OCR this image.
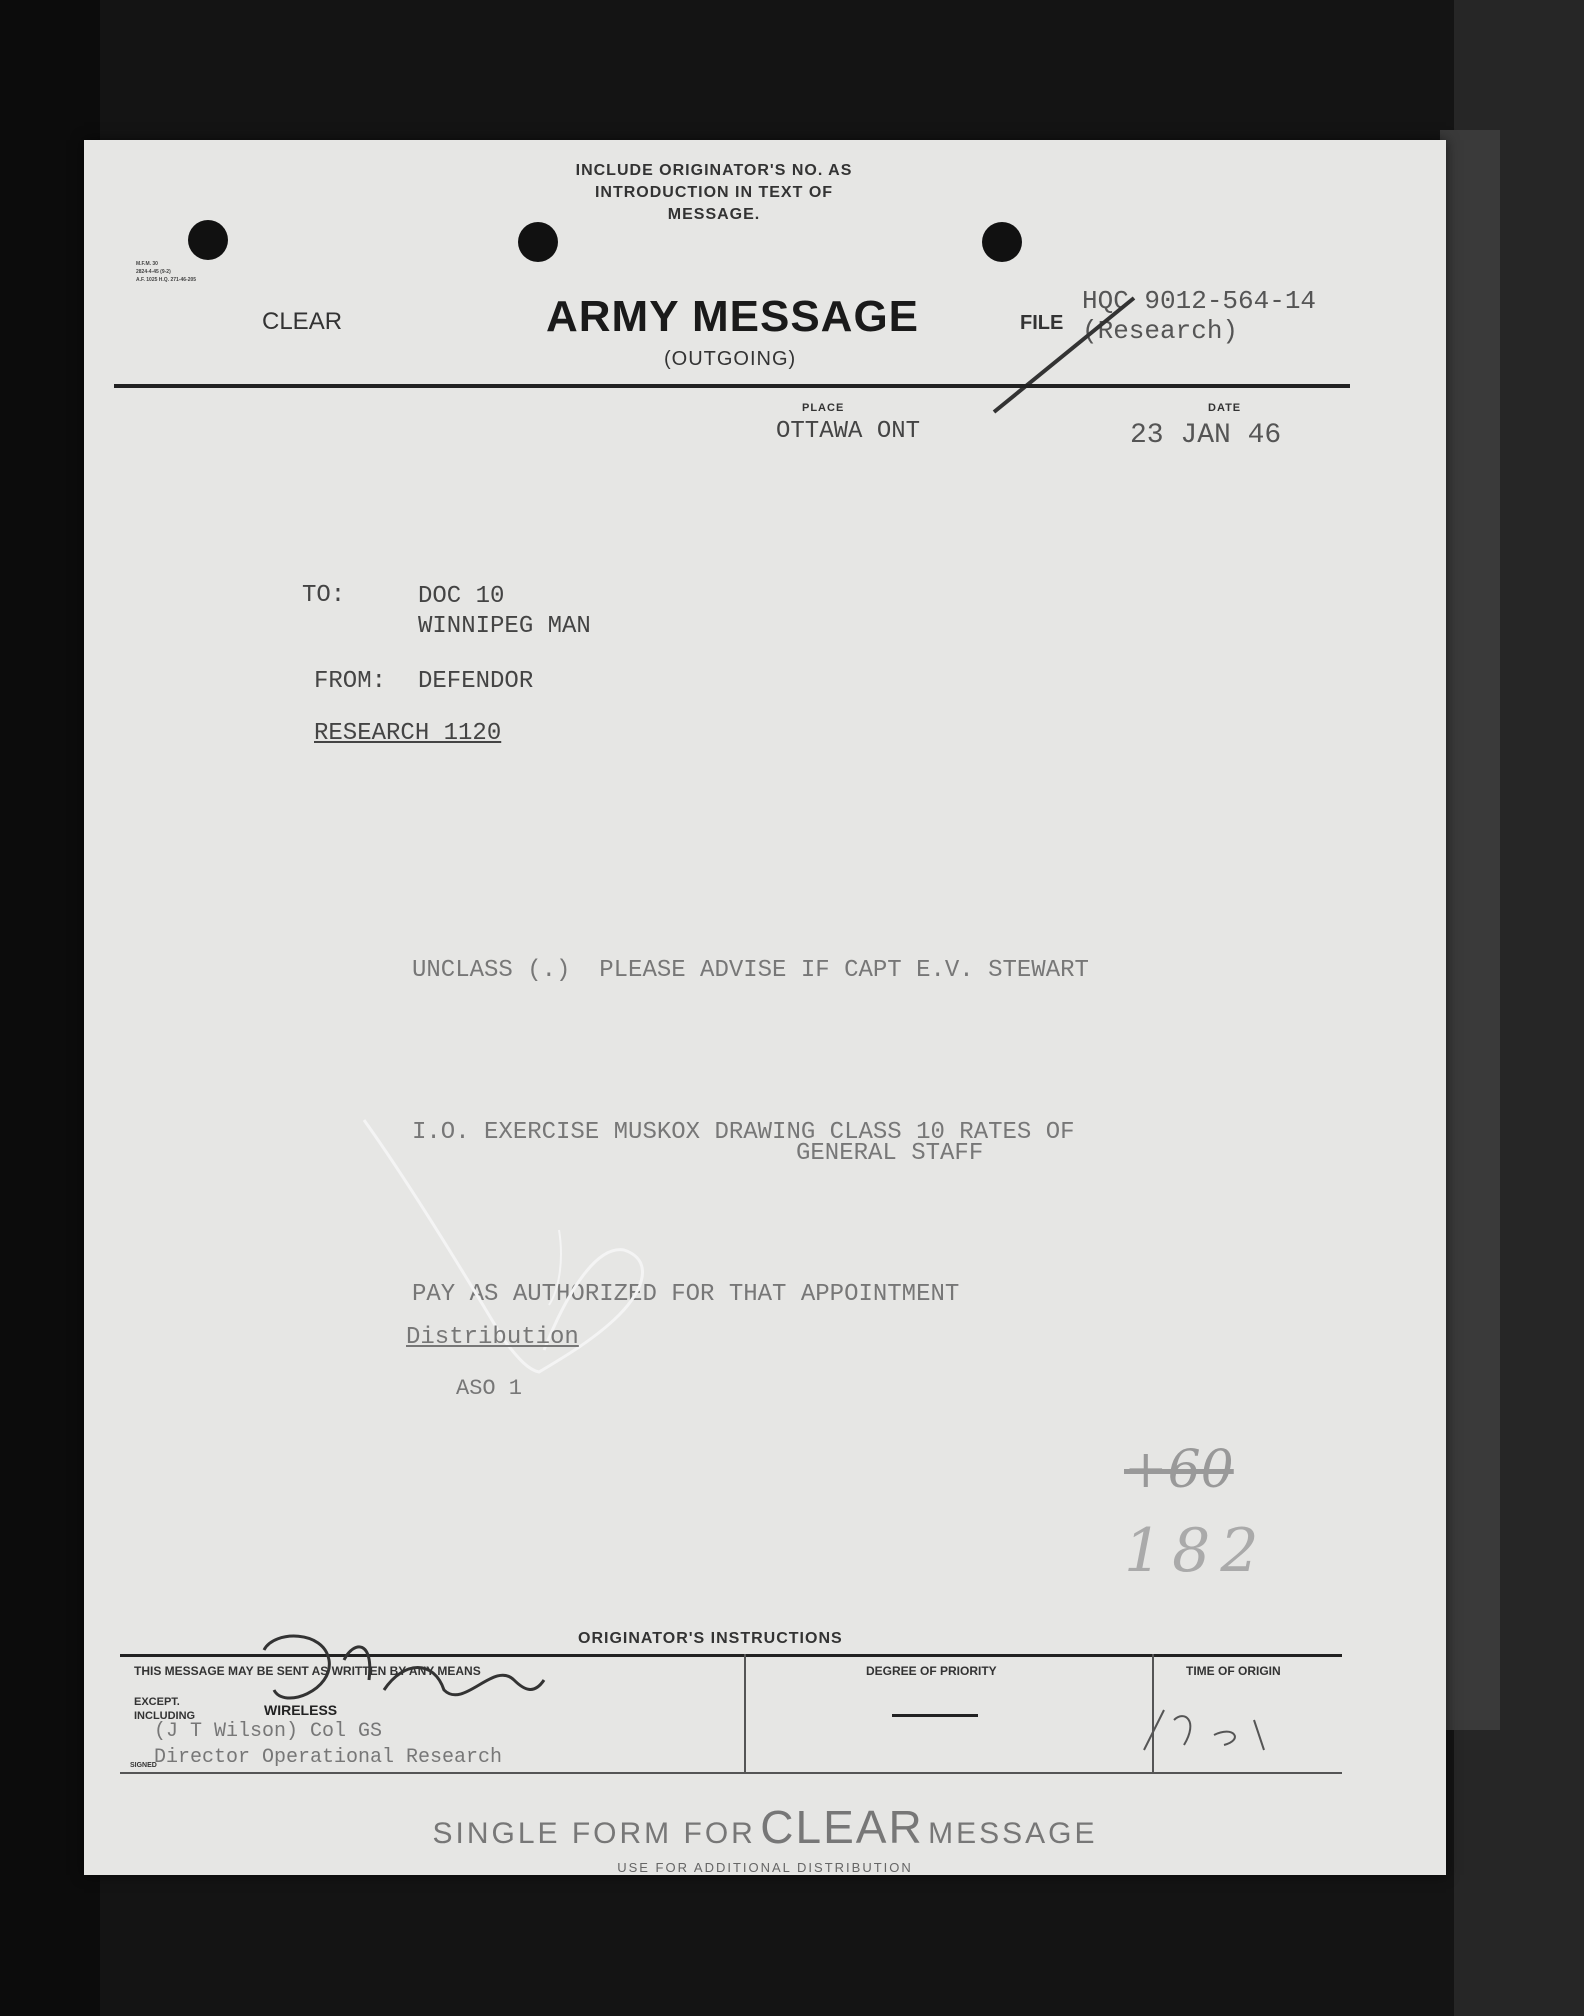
INCLUDE ORIGINATOR'S NO. AS
INTRODUCTION IN TEXT OF
MESSAGE.
M.F.M. 30
2824-4-45 (9-2)
A.F. 1025 H.Q. 271-46-205
CLEAR	ARMY MESSAGE
(OUTGOING)
FILE
HQC 9012-564-14
(Research)
PLACE
OTTAWA ONT
DATE
23 JAN 46
TO:	DOC 10
WINNIPEG MAN
FROM: DEFENDOR
RESEARCH 1120

UNCLASS (.)  PLEASE ADVISE IF CAPT E.V. STEWART

I.O. EXERCISE MUSKOX DRAWING CLASS 10 RATES OF

PAY AS AUTHORIZED FOR THAT APPOINTMENT

GENERAL STAFF
Distribution
ASO 1
+60
182
ORIGINATOR'S INSTRUCTIONS
THIS MESSAGE MAY BE SENT AS WRITTEN BY ANY MEANS
EXCEPT.
INCLUDING	WIRELESS
(J T Wilson) Col GS
Director Operational Research
SIGNED
DEGREE OF PRIORITY	TIME OF ORIGIN
SINGLE FORM FOR CLEAR MESSAGE
USE FOR ADDITIONAL DISTRIBUTION
